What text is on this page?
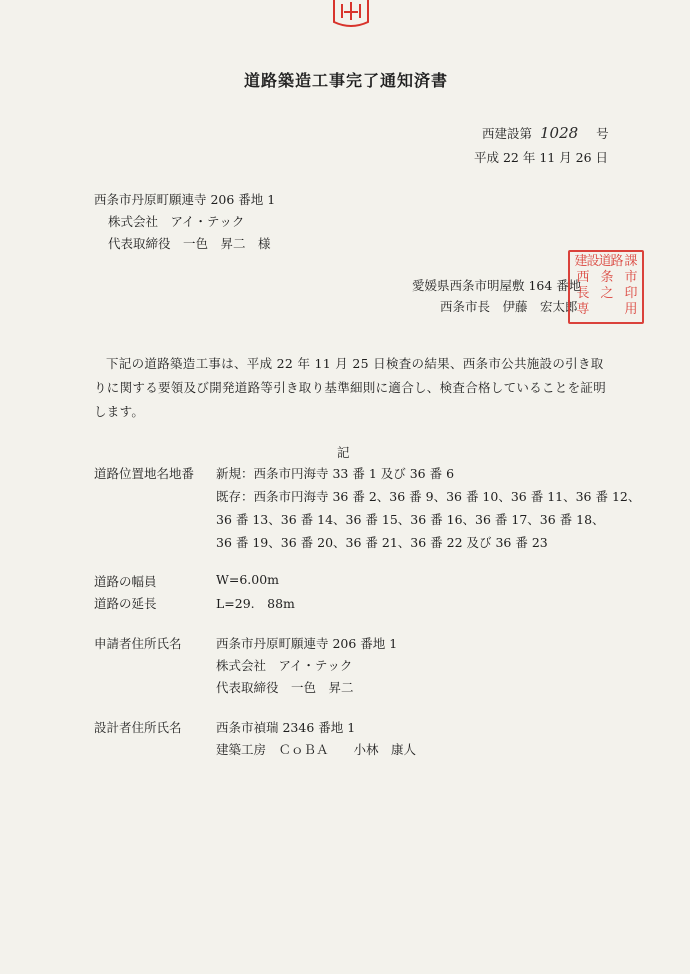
道路築造工事完了通知済書
西建設第 1028 号
平成 22 年 11 月 26 日
西条市丹原町願連寺 206 番地 1
株式会社　アイ・テック
代表取締役　一色　昇二　様
愛媛県西条市明屋敷 164 番地
西条市長　伊藤　宏太郎
課
路
道
設
建
市
条
西
印
之
長
用
専
下記の道路築造工事は、平成 22 年 11 月 25 日検査の結果、西条市公共施設の引き取りに関する要領及び開発道路等引き取り基準細則に適合し、検査合格していることを証明します。
記
道路位置地名地番 新規：西条市円海寺 33 番 1 及び 36 番 6
既存：西条市円海寺 36 番 2、36 番 9、36 番 10、36 番 11、36 番 12、
36 番 13、36 番 14、36 番 15、36 番 16、36 番 17、36 番 18、
36 番 19、36 番 20、36 番 21、36 番 22 及び 36 番 23
道路の幅員	W=6.00m
道路の延長	L=29.　88m
申請者住所氏名	西条市丹原町願連寺 206 番地 1
株式会社　アイ・テック
代表取締役　一色　昇二
設計者住所氏名	西条市禎瑞 2346 番地 1
建築工房　ＣｏＢＡ　　小林　康人
